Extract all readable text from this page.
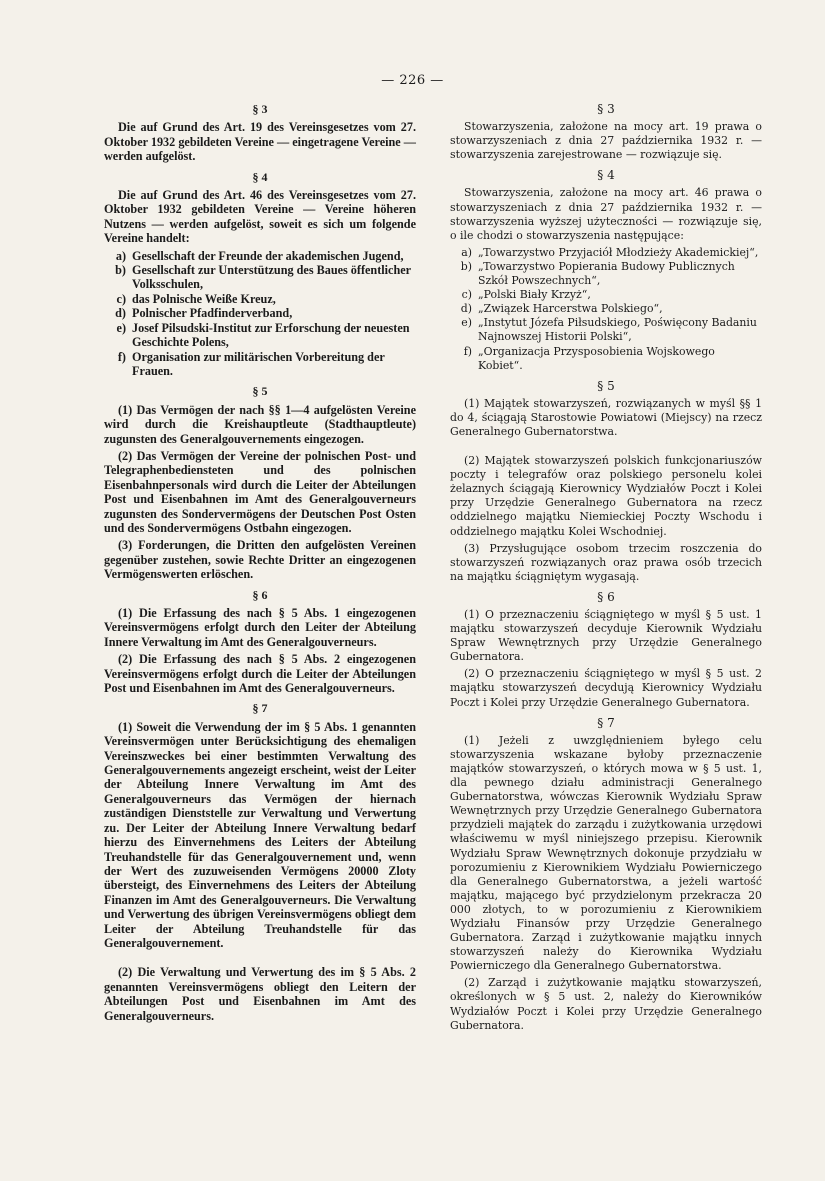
— 226 —
§ 3

Die auf Grund des Art. 19 des Vereinsgesetzes vom 27. Oktober 1932 gebildeten Vereine — eingetragene Vereine — werden aufgelöst.

§ 4

Die auf Grund des Art. 46 des Vereinsgesetzes vom 27. Oktober 1932 gebildeten Vereine — Vereine höheren Nutzens — werden aufgelöst, soweit es sich um folgende Vereine handelt:

a) Gesellschaft der Freunde der akademischen Jugend,
b) Gesellschaft zur Unterstützung des Baues öffentlicher Volksschulen,
c) das Polnische Weiße Kreuz,
d) Polnischer Pfadfinderverband,
e) Josef Pilsudski-Institut zur Erforschung der neuesten Geschichte Polens,
f) Organisation zur militärischen Vorbereitung der Frauen.
§ 5

(1) Das Vermögen der nach §§ 1—4 aufgelösten Vereine wird durch die Kreishauptleute (Stadthauptleute) zugunsten des Generalgouvernements eingezogen.

(2) Das Vermögen der Vereine der polnischen Post- und Telegraphenbediensteten und des polnischen Eisenbahnpersonals wird durch die Leiter der Abteilungen Post und Eisenbahnen im Amt des Generalgouverneurs zugunsten des Sondervermögens der Deutschen Post Osten und des Sondervermögens Ostbahn eingezogen.

(3) Forderungen, die Dritten den aufgelösten Vereinen gegenüber zustehen, sowie Rechte Dritter an eingezogenen Vermögenswerten erlöschen.

§ 6

(1) Die Erfassung des nach § 5 Abs. 1 eingezogenen Vereinsvermögens erfolgt durch den Leiter der Abteilung Innere Verwaltung im Amt des Generalgouverneurs.

(2) Die Erfassung des nach § 5 Abs. 2 eingezogenen Vereinsvermögens erfolgt durch die Leiter der Abteilungen Post und Eisenbahnen im Amt des Generalgouverneurs.

§ 7

(1) Soweit die Verwendung der im § 5 Abs. 1 genannten Vereinsvermögen unter Berücksichtigung des ehemaligen Vereinszweckes bei einer bestimmten Verwaltung des Generalgouvernements angezeigt erscheint, weist der Leiter der Abteilung Innere Verwaltung im Amt des Generalgouverneurs das Vermögen der hiernach zuständigen Dienststelle zur Verwaltung und Verwertung zu. Der Leiter der Abteilung Innere Verwaltung bedarf hierzu des Einvernehmens des Leiters der Abteilung Treuhandstelle für das Generalgouvernement und, wenn der Wert des zuzuweisenden Vermögens 20000 Zloty übersteigt, des Einvernehmens des Leiters der Abteilung Finanzen im Amt des Generalgouverneurs. Die Verwaltung und Verwertung des übrigen Vereinsvermögens obliegt dem Leiter der Abteilung Treuhandstelle für das Generalgouvernement.

(2) Die Verwaltung und Verwertung des im § 5 Abs. 2 genannten Vereinsvermögens obliegt den Leitern der Abteilungen Post und Eisenbahnen im Amt des Generalgouverneurs.

§ 3

Stowarzyszenia, założone na mocy art. 19 prawa o stowarzyszeniach z dnia 27 października 1932 r. — stowarzyszenia zarejestrowane — rozwiązuje się.

§ 4

Stowarzyszenia, założone na mocy art. 46 prawa o stowarzyszeniach z dnia 27 października 1932 r. — stowarzyszenia wyższej użyteczności — rozwiązuje się, o ile chodzi o stowarzyszenia następujące:

a) „Towarzystwo Przyjaciół Młodzieży Akademickiej“,
b) „Towarzystwo Popierania Budowy Publicznych Szkół Powszechnych“,
c) „Polski Biały Krzyż“,
d) „Związek Harcerstwa Polskiego“,
e) „Instytut Józefa Piłsudskiego, Poświęcony Badaniu Najnowszej Historii Polski“,
f) „Organizacja Przysposobienia Wojskowego Kobiet“.
§ 5

(1) Majątek stowarzyszeń, rozwiązanych w myśl §§ 1 do 4, ściągają Starostowie Powiatowi (Miejscy) na rzecz Generalnego Gubernatorstwa.

(2) Majątek stowarzyszeń polskich funkcjonariuszów poczty i telegrafów oraz polskiego personelu kolei żelaznych ściągają Kierownicy Wydziałów Poczt i Kolei przy Urzędzie Generalnego Gubernatora na rzecz oddzielnego majątku Niemieckiej Poczty Wschodu i oddzielnego majątku Kolei Wschodniej.

(3) Przysługujące osobom trzecim roszczenia do stowarzyszeń rozwiązanych oraz prawa osób trzecich na majątku ściągniętym wygasają.

§ 6

(1) O przeznaczeniu ściągniętego w myśl § 5 ust. 1 majątku stowarzyszeń decyduje Kierownik Wydziału Spraw Wewnętrznych przy Urzędzie Generalnego Gubernatora.

(2) O przeznaczeniu ściągniętego w myśl § 5 ust. 2 majątku stowarzyszeń decydują Kierownicy Wydziału Poczt i Kolei przy Urzędzie Generalnego Gubernatora.

§ 7

(1) Jeżeli z uwzględnieniem byłego celu stowarzyszenia wskazane byłoby przeznaczenie majątków stowarzyszeń, o których mowa w § 5 ust. 1, dla pewnego działu administracji Generalnego Gubernatorstwa, wówczas Kierownik Wydziału Spraw Wewnętrznych przy Urzędzie Generalnego Gubernatora przydzieli majątek do zarządu i zużytkowania urzędowi właściwemu w myśl niniejszego przepisu. Kierownik Wydziału Spraw Wewnętrznych dokonuje przydziału w porozumieniu z Kierownikiem Wydziału Powierniczego dla Generalnego Gubernatorstwa, a jeżeli wartość majątku, mającego być przydzielonym przekracza 20 000 złotych, to w porozumieniu z Kierownikiem Wydziału Finansów przy Urzędzie Generalnego Gubernatora. Zarząd i zużytkowanie majątku innych stowarzyszeń należy do Kierownika Wydziału Powierniczego dla Generalnego Gubernatorstwa.

(2) Zarząd i zużytkowanie majątku stowarzyszeń, określonych w § 5 ust. 2, należy do Kierowników Wydziałów Poczt i Kolei przy Urzędzie Generalnego Gubernatora.
